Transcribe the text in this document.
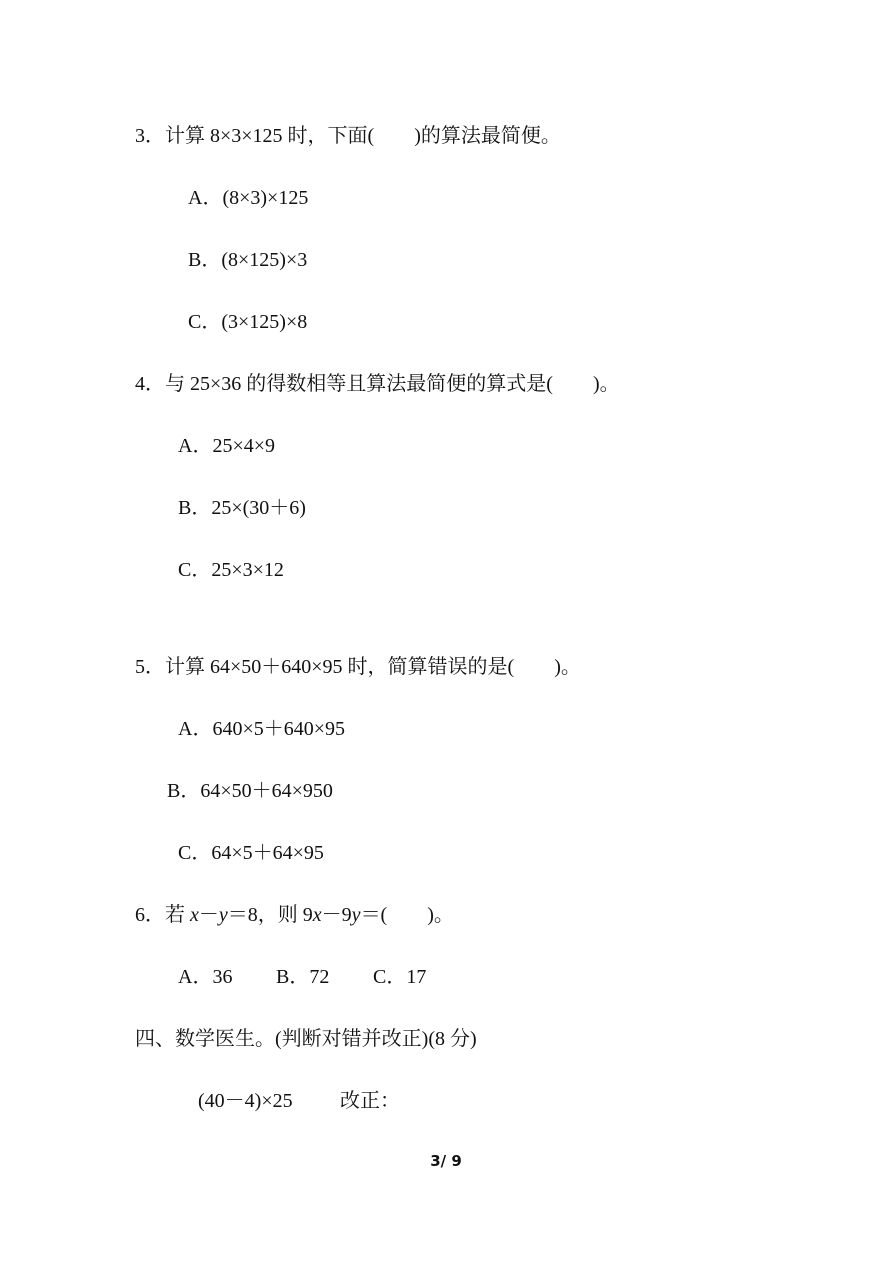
3．计算 8×3×125 时，下面(　　)的算法最简便。
A．(8×3)×125
B．(8×125)×3
C．(3×125)×8
4．与 25×36 的得数相等且算法最简便的算式是(　　)。
A．25×4×9
B．25×(30＋6)
C．25×3×12
5．计算 64×50＋640×95 时，简算错误的是(　　)。
A．640×5＋640×95
B．64×50＋64×950
C．64×5＋64×95
6．若 x－y＝8，则 9x－9y＝(　　)。
A．36 B．72 C．17
四、数学医生。(判断对错并改正)(8 分)
(40－4)×25 改正：
3/ 9
